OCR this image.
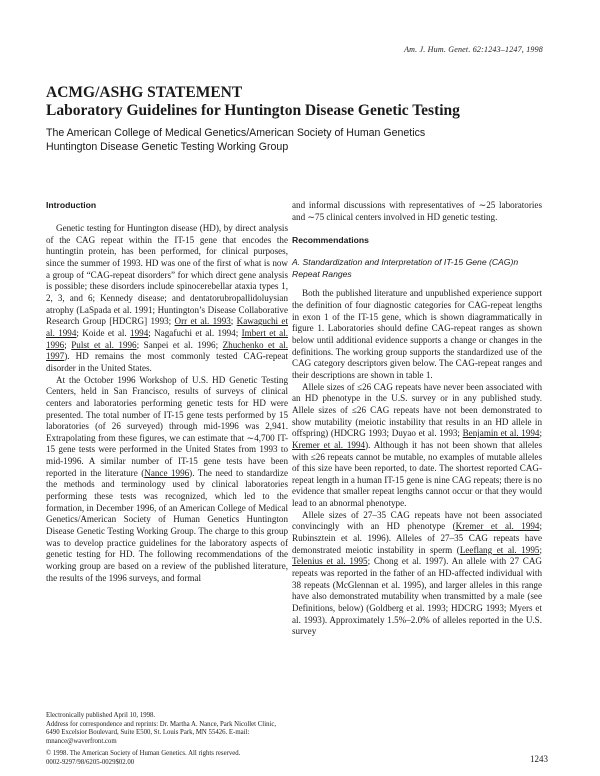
Am. J. Hum. Genet. 62:1243–1247, 1998
ACMG/ASHG STATEMENT
Laboratory Guidelines for Huntington Disease Genetic Testing
The American College of Medical Genetics/American Society of Human Genetics
Huntington Disease Genetic Testing Working Group
Introduction

Genetic testing for Huntington disease (HD), by direct analysis of the CAG repeat within the IT-15 gene that encodes the huntingtin protein, has been performed, for clinical purposes, since the summer of 1993. HD was one of the first of what is now a group of “CAG-repeat disorders” for which direct gene analysis is possible; these disorders include spinocerebellar ataxia types 1, 2, 3, and 6; Kennedy disease; and dentatorubropallidoluysian atrophy (LaSpada et al. 1991; Huntington’s Disease Collaborative Research Group [HDCRG] 1993; Orr et al. 1993; Kawaguchi et al. 1994; Koide et al. 1994; Nagafuchi et al. 1994; Imbert et al. 1996; Pulst et al. 1996; Sanpei et al. 1996; Zhuchenko et al. 1997). HD remains the most commonly tested CAG-repeat disorder in the United States.

At the October 1996 Workshop of U.S. HD Genetic Testing Centers, held in San Francisco, results of surveys of clinical centers and laboratories performing genetic tests for HD were presented. The total number of IT-15 gene tests performed by 15 laboratories (of 26 surveyed) through mid-1996 was 2,941. Extrapolating from these figures, we can estimate that ∼4,700 IT-15 gene tests were performed in the United States from 1993 to mid-1996. A similar number of IT-15 gene tests have been reported in the literature (Nance 1996). The need to standardize the methods and terminology used by clinical laboratories performing these tests was recognized, which led to the formation, in December 1996, of an American College of Medical Genetics/American Society of Human Genetics Huntington Disease Genetic Testing Working Group. The charge to this group was to develop practice guidelines for the laboratory aspects of genetic testing for HD. The following recommendations of the working group are based on a review of the published literature, the results of the 1996 surveys, and formal

and informal discussions with representatives of ∼25 laboratories and ∼75 clinical centers involved in HD genetic testing.

Recommendations
A. Standardization and Interpretation of IT-15 Gene (CAG)n Repeat Ranges

Both the published literature and unpublished experience support the definition of four diagnostic categories for CAG-repeat lengths in exon 1 of the IT-15 gene, which is shown diagrammatically in figure 1. Laboratories should define CAG-repeat ranges as shown below until additional evidence supports a change or changes in the definitions. The working group supports the standardized use of the CAG category descriptors given below. The CAG-repeat ranges and their descriptions are shown in table 1.

Allele sizes of ≤26 CAG repeats have never been associated with an HD phenotype in the U.S. survey or in any published study. Allele sizes of ≤26 CAG repeats have not been demonstrated to show mutability (meiotic instability that results in an HD allele in offspring) (HDCRG 1993; Duyao et al. 1993; Benjamin et al. 1994; Kremer et al. 1994). Although it has not been shown that alleles with ≤26 repeats cannot be mutable, no examples of mutable alleles of this size have been reported, to date. The shortest reported CAG-repeat length in a human IT-15 gene is nine CAG repeats; there is no evidence that smaller repeat lengths cannot occur or that they would lead to an abnormal phenotype.

Allele sizes of 27–35 CAG repeats have not been associated convincingly with an HD phenotype (Kremer et al. 1994; Rubinsztein et al. 1996). Alleles of 27–35 CAG repeats have demonstrated meiotic instability in sperm (Leeflang et al. 1995; Telenius et al. 1995; Chong et al. 1997). An allele with 27 CAG repeats was reported in the father of an HD-affected individual with 38 repeats (McGlennan et al. 1995), and larger alleles in this range have also demonstrated mutability when transmitted by a male (see Definitions, below) (Goldberg et al. 1993; HDCRG 1993; Myers et al. 1993). Approximately 1.5%–2.0% of alleles reported in the U.S. survey

Electronically published April 10, 1998.
Address for correspondence and reprints: Dr. Martha A. Nance, Park Nicollet Clinic, 6490 Excelsior Boulevard, Suite E500, St. Louis Park, MN 55426. E-mail: mnance@waverfront.com
© 1998. The American Society of Human Genetics. All rights reserved.
0002-9297/98/6205-0029$02.00	1243
